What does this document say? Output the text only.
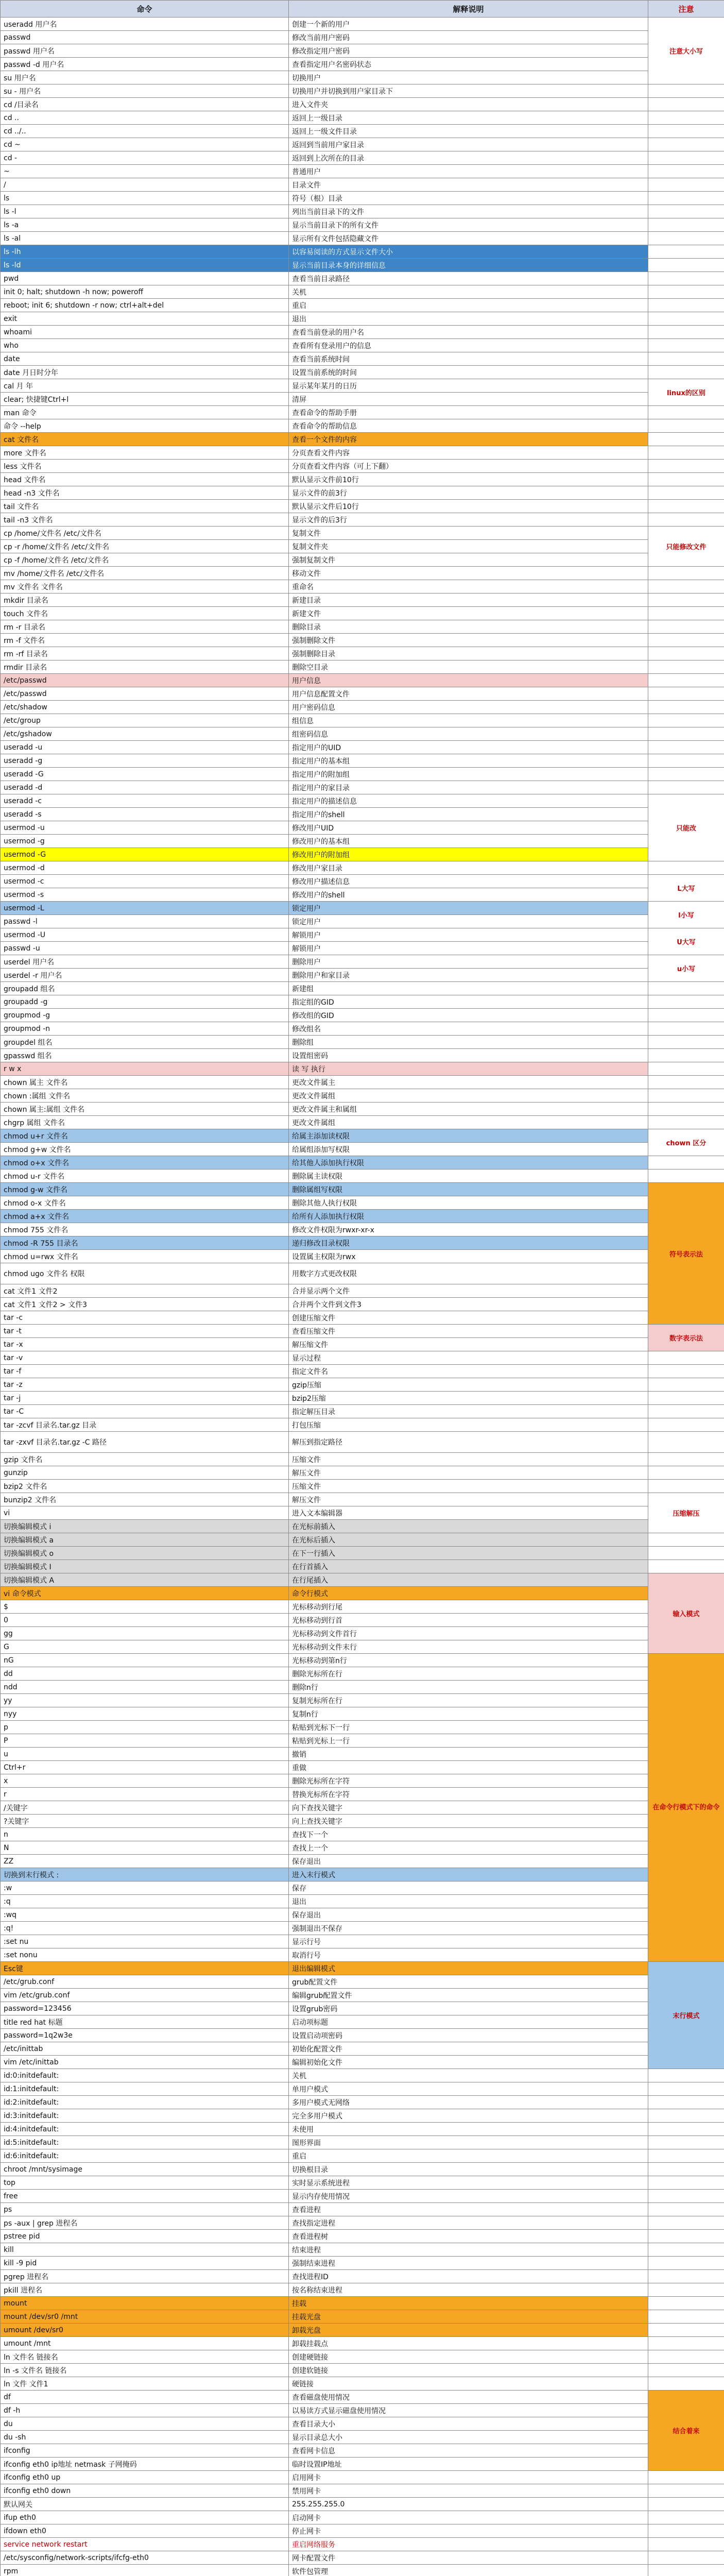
命令	解释说明	注意
useradd 用户名	创建一个新的用户	注意大小写
passwd	修改当前用户密码	
passwd 用户名	修改指定用户密码	
passwd -d 用户名	查看指定用户名密码状态	
su 用户名	切换用户	
su - 用户名	切换用户并切换到用户家目录下	
cd /目录名	进入文件夹	
cd ..	返回上一级目录	
cd ../..	返回上一级文件目录	
cd ~	返回到当前用户家目录	
cd -	返回到上次所在的目录	
~	普通用户	
/	目录文件	
ls	符号（根）目录	
ls -l	列出当前目录下的文件	
ls -a	显示当前目录下的所有文件	
ls -al	显示所有文件包括隐藏文件	
ls -lh	以容易阅读的方式显示文件大小	
ls -ld	显示当前目录本身的详细信息	
pwd	查看当前目录路径	
init 0; halt; shutdown -h now; poweroff	关机	
reboot; init 6; shutdown -r now; ctrl+alt+del	重启	
exit	退出	
whoami	查看当前登录的用户名	
who	查看所有登录用户的信息	
date	查看当前系统时间	
date 月日时分年	设置当前系统的时间	
cal 月 年	显示某年某月的日历	linux的区别
clear; 快捷键Ctrl+l	清屏	
man 命令	查看命令的帮助手册	
命令 --help	查看命令的帮助信息	
cat 文件名	查看一个文件的内容	
more 文件名	分页查看文件内容	
less 文件名	分页查看文件内容（可上下翻）	
head 文件名	默认显示文件前10行	
head -n3 文件名	显示文件的前3行	
tail 文件名	默认显示文件后10行	
tail -n3 文件名	显示文件的后3行	
cp /home/文件名 /etc/文件名	复制文件	只能修改文件
cp -r /home/文件名 /etc/文件名	复制文件夹	
cp -f /home/文件名 /etc/文件名	强制复制文件	
mv /home/文件名 /etc/文件名	移动文件	
mv 文件名 文件名	重命名	
mkdir 目录名	新建目录	
touch 文件名	新建文件	
rm -r 目录名	删除目录	
rm -f 文件名	强制删除文件	
rm -rf 目录名	强制删除目录	
rmdir 目录名	删除空目录	
/etc/passwd	用户信息	
/etc/passwd	用户信息配置文件	
/etc/shadow	用户密码信息	
/etc/group	组信息	
/etc/gshadow	组密码信息	
useradd -u	指定用户的UID	
useradd -g	指定用户的基本组	
useradd -G	指定用户的附加组	
useradd -d	指定用户的家目录	
useradd -c	指定用户的描述信息	只能改
useradd -s	指定用户的shell	
usermod -u	修改用户UID	
usermod -g	修改用户的基本组	
usermod -G	修改用户的附加组	
usermod -d	修改用户家目录	
usermod -c	修改用户描述信息	L大写
usermod -s	修改用户的shell	
usermod -L	锁定用户	l小写
passwd -l	锁定用户	
usermod -U	解锁用户	U大写
passwd -u	解锁用户	
userdel 用户名	删除用户	u小写
userdel -r 用户名	删除用户和家目录	
groupadd 组名	新建组	
groupadd -g	指定组的GID	
groupmod -g	修改组的GID	
groupmod -n	修改组名	
groupdel 组名	删除组	
gpasswd 组名	设置组密码	
r w x	读 写 执行	
chown 属主 文件名	更改文件属主	
chown :属组 文件名	更改文件属组	
chown 属主:属组 文件名	更改文件属主和属组	
chgrp 属组 文件名	更改文件属组	
chmod u+r 文件名	给属主添加读权限	chown 区分
chmod g+w 文件名	给属组添加写权限	
chmod o+x 文件名	给其他人添加执行权限	
chmod u-r 文件名	删除属主读权限	
chmod g-w 文件名	删除属组写权限	符号表示法
chmod o-x 文件名	删除其他人执行权限	
chmod a+x 文件名	给所有人添加执行权限	
chmod 755 文件名	修改文件权限为rwxr-xr-x	
chmod -R 755 目录名	递归修改目录权限	
chmod u=rwx 文件名	设置属主权限为rwx	
chmod ugo 文件名 权限	用数字方式更改权限	
cat 文件1 文件2	合并显示两个文件	
cat 文件1 文件2 > 文件3	合并两个文件到文件3	
tar -c	创建压缩文件	
tar -t	查看压缩文件	数字表示法
tar -x	解压缩文件	
tar -v	显示过程	
tar -f	指定文件名	
tar -z	gzip压缩	
tar -j	bzip2压缩	
tar -C	指定解压目录	
tar -zcvf 目录名.tar.gz 目录	打包压缩	
tar -zxvf 目录名.tar.gz -C 路径	解压到指定路径	
gzip 文件名	压缩文件	
gunzip	解压文件	
bzip2 文件名	压缩文件	
bunzip2 文件名	解压文件	压缩解压
vi	进入文本编辑器	
切换编辑模式 i	在光标前插入	
切换编辑模式 a	在光标后插入	
切换编辑模式 o	在下一行插入	
切换编辑模式 I	在行首插入	
切换编辑模式 A	在行尾插入	输入模式
vi 命令模式	命令行模式	
$	光标移动到行尾	
0	光标移动到行首	
gg	光标移动到文件首行	
G	光标移动到文件末行	
nG	光标移动到第n行	在命令行模式下的命令
dd	删除光标所在行	
ndd	删除n行	
yy	复制光标所在行	
nyy	复制n行	
p	粘贴到光标下一行	
P	粘贴到光标上一行	
u	撤销	
Ctrl+r	重做	
x	删除光标所在字符	
r	替换光标所在字符	
/关键字	向下查找关键字	
?关键字	向上查找关键字	
n	查找下一个	
N	查找上一个	
ZZ	保存退出	
切换到末行模式 :	进入末行模式	
:w	保存	
:q	退出	
:wq	保存退出	
:q!	强制退出不保存	
:set nu	显示行号	
:set nonu	取消行号	
Esc键	退出编辑模式	末行模式
/etc/grub.conf	grub配置文件	
vim /etc/grub.conf	编辑grub配置文件	
password=123456	设置grub密码	
title red hat 标题	启动项标题	
password=1q2w3e	设置启动项密码	
/etc/inittab	初始化配置文件	
vim /etc/inittab	编辑初始化文件	
id:0:initdefault:	关机	
id:1:initdefault:	单用户模式	
id:2:initdefault:	多用户模式无网络	
id:3:initdefault:	完全多用户模式	
id:4:initdefault:	未使用	
id:5:initdefault:	图形界面	
id:6:initdefault:	重启	
chroot /mnt/sysimage	切换根目录	
top	实时显示系统进程	
free	显示内存使用情况	
ps	查看进程	
ps -aux | grep 进程名	查找指定进程	
pstree pid	查看进程树	
kill	结束进程	
kill -9 pid	强制结束进程	
pgrep 进程名	查找进程ID	
pkill 进程名	按名称结束进程	
mount	挂载	
mount /dev/sr0 /mnt	挂载光盘	
umount /dev/sr0	卸载光盘	
umount /mnt	卸载挂载点	
ln 文件名 链接名	创建硬链接	
ln -s 文件名 链接名	创建软链接	
ln 文件 文件1	硬链接	
df	查看磁盘使用情况	结合着来
df -h	以易读方式显示磁盘使用情况	
du	查看目录大小	
du -sh	显示目录总大小	
ifconfig	查看网卡信息	
ifconfig eth0 ip地址 netmask 子网掩码	临时设置IP地址	
ifconfig eth0 up	启用网卡	
ifconfig eth0 down	禁用网卡	
默认网关	255.255.255.0	
ifup eth0	启动网卡	
ifdown eth0	停止网卡	
service network restart	重启网络服务	
/etc/sysconfig/network-scripts/ifcfg-eth0	网卡配置文件	
rpm	软件包管理	
